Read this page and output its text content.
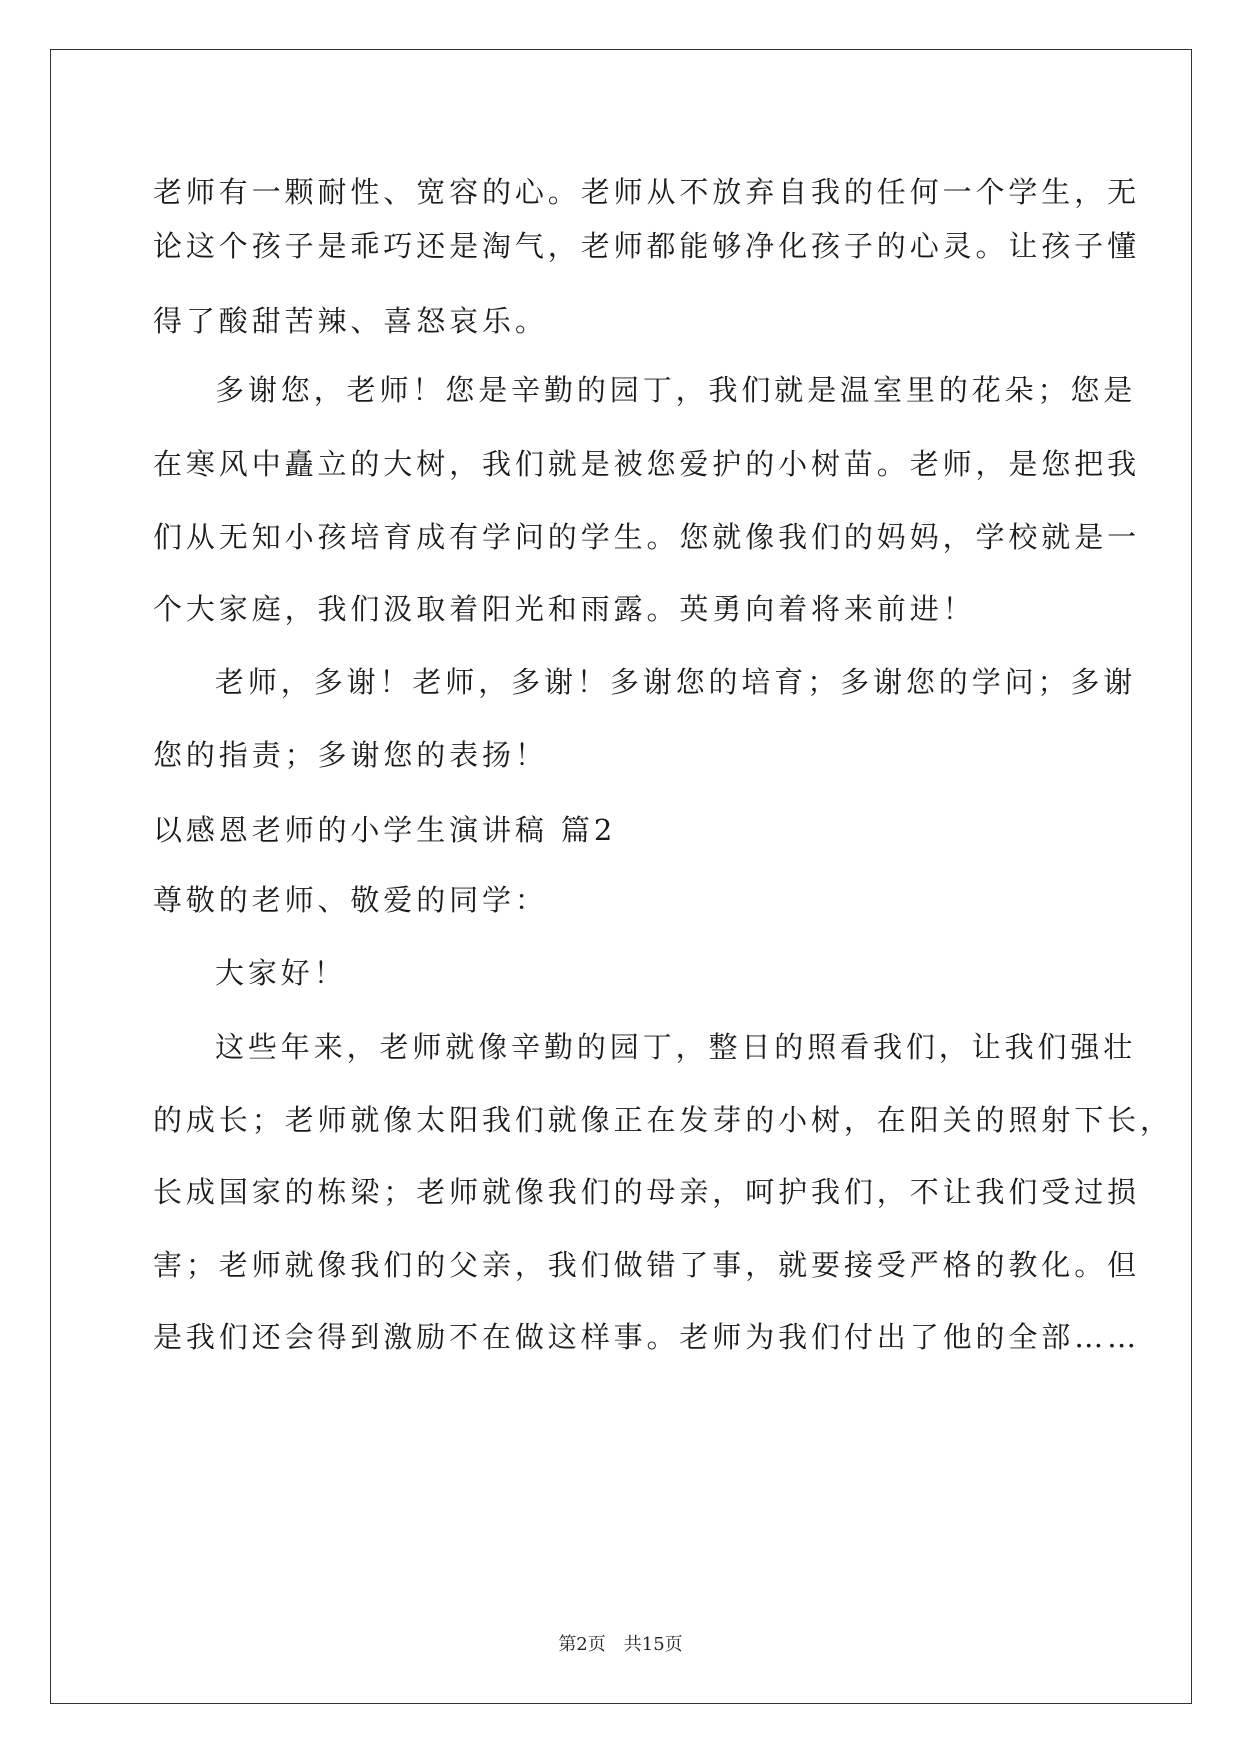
老师有一颗耐性、宽容的心。老师从不放弃自我的任何一个学生，无
论这个孩子是乖巧还是淘气，老师都能够净化孩子的心灵。让孩子懂
得了酸甜苦辣、喜怒哀乐。
多谢您，老师！您是辛勤的园丁，我们就是温室里的花朵；您是
在寒风中矗立的大树，我们就是被您爱护的小树苗。老师，是您把我
们从无知小孩培育成有学问的学生。您就像我们的妈妈，学校就是一
个大家庭，我们汲取着阳光和雨露。英勇向着将来前进！
老师，多谢！老师，多谢！多谢您的培育；多谢您的学问；多谢
您的指责；多谢您的表扬！
以感恩老师的小学生演讲稿 篇2
尊敬的老师、敬爱的同学：
大家好！
这些年来，老师就像辛勤的园丁，整日的照看我们，让我们强壮
的成长；老师就像太阳我们就像正在发芽的小树，在阳关的照射下长，
长成国家的栋梁；老师就像我们的母亲，呵护我们，不让我们受过损
害；老师就像我们的父亲，我们做错了事，就要接受严格的教化。但
是我们还会得到激励不在做这样事。老师为我们付出了他的全部……
第2页 共15页
